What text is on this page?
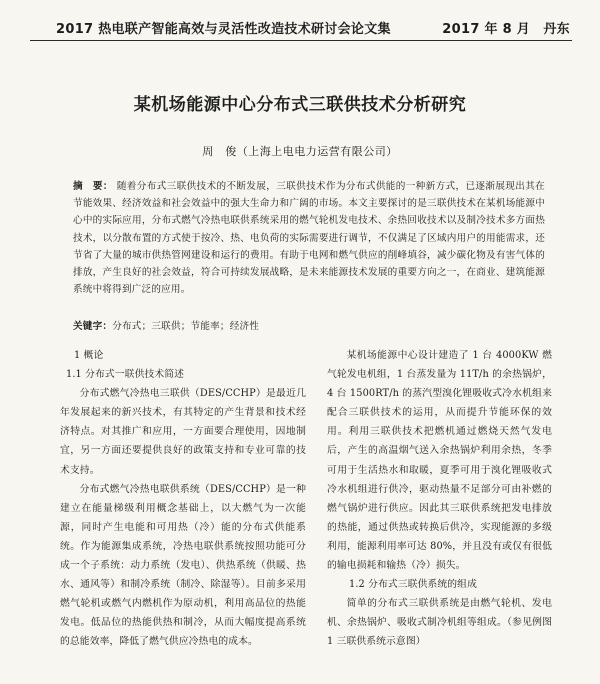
2017 热电联产智能高效与灵活性改造技术研讨会论文集	2017 年 8 月　丹东
某机场能源中心分布式三联供技术分析研究
周　俊（上海上电电力运营有限公司）
摘　要： 随着分布式三联供技术的不断发展，三联供技术作为分布式供能的一种新方式，已逐渐展现出其在节能效果、经济效益和社会效益中的强大生命力和广阔的市场。本文主要探讨的是三联供技术在某机场能源中心中的实际应用，分布式燃气冷热电联供系统采用的燃气轮机发电技术、余热回收技术以及制冷技术多方面热技术，以分散布置的方式使于按冷、热、电负荷的实际需要进行调节，不仅满足了区域内用户的用能需求，还节省了大量的城市供热管网建设和运行的费用。有助于电网和燃气供应的削峰填谷，减少碳化物及有害气体的排放，产生良好的社会效益，符合可持续发展战略，是未来能源技术发展的重要方向之一，在商业、建筑能源系统中将得到广泛的应用。
关键字：分布式；三联供；节能率；经济性

1 概论

1.1 分布式一联供技术简述

分布式燃气冷热电三联供（DES/CCHP）是最近几年发展起来的新兴技术，有其特定的产生背景和技术经济特点。对其推广和应用，一方面要合理使用，因地制宜，另一方面还要提供良好的政策支持和专业可靠的技术支持。

分布式燃气冷热电联供系统（DES/CCHP）是一种建立在能量梯级利用概念基础上，以大燃气为一次能源，同时产生电能和可用热（冷）能的分布式供能系统。作为能源集成系统，冷热电联供系统按照功能可分成一个子系统：动力系统（发电）、供热系统（供暖、热水、通风等）和制冷系统（制冷、除湿等）。目前多采用燃气轮机或燃气内燃机作为原动机，利用高品位的热能发电。低品位的热能供热和制冷，从而大幅度提高系统的总能效率，降低了燃气供应冷热电的成本。

某机场能源中心设计建造了 1 台 4000KW 燃气轮发电机组，1 台蒸发量为 11T/h 的余热锅炉，4 台 1500RT/h 的蒸汽型溴化锂吸收式冷水机组来配合三联供技术的运用，从而提升节能环保的效用。利用三联供技术把燃机通过燃烧天然气发电后，产生的高温烟气送入余热锅炉利用余热，冬季可用于生活热水和取暖，夏季可用于溴化锂吸收式冷水机组进行供冷，驱动热量不足部分可由补燃的燃气锅炉进行供应。因此其三联供系统把发电排放的热能，通过供热或转换后供冷，实现能源的多级利用，能源利用率可达 80%，并且没有或仅有很低的输电损耗和输热（冷）损失。

1.2 分布式三联供系统的组成

简单的分布式三联供系统是由燃气轮机、发电机、余热锅炉、吸收式制冷机组等组成。（参见例图 1 三联供系统示意图）
